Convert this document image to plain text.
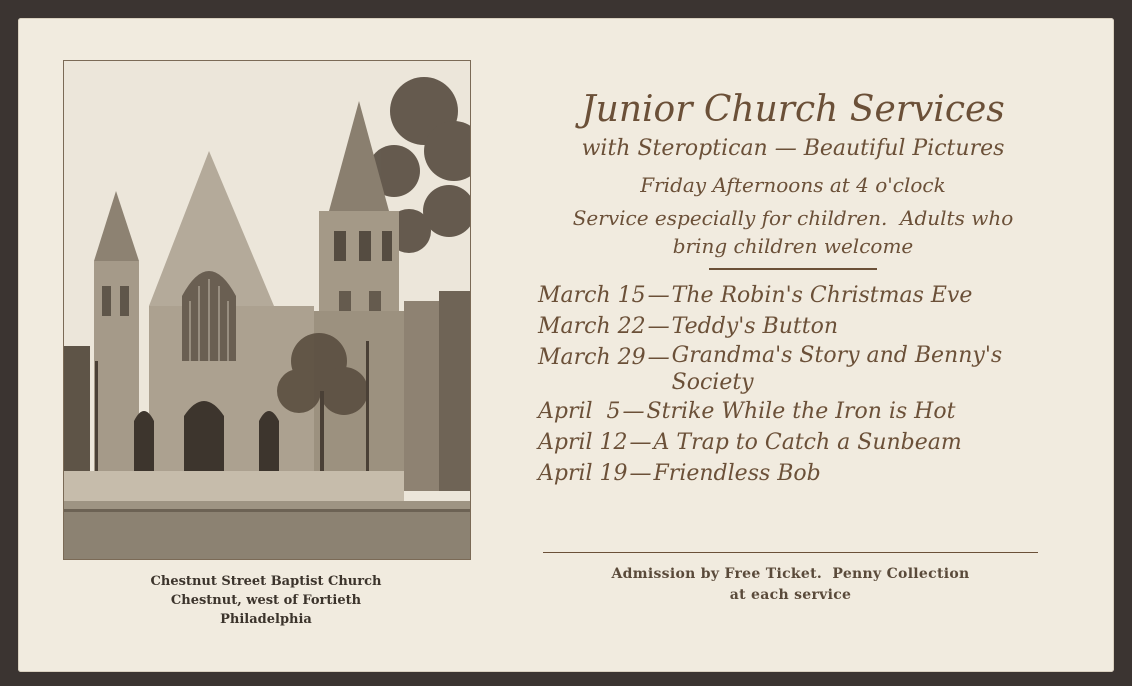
Chestnut Street Baptist Church
Chestnut, west of Fortieth
Philadelphia
Junior Church Services
with Steroptican — Beautiful Pictures
Friday Afternoons at 4 o'clock
Service especially for children.  Adults who
bring children welcome
March 15 — The Robin's Christmas Eve
March 22 — Teddy's Button
March 29 — Grandma's Story and Benny's Society
April  5 — Strike While the Iron is Hot
April 12 — A Trap to Catch a Sunbeam
April 19 — Friendless Bob
Admission by Free Ticket.  Penny Collection
at each service
